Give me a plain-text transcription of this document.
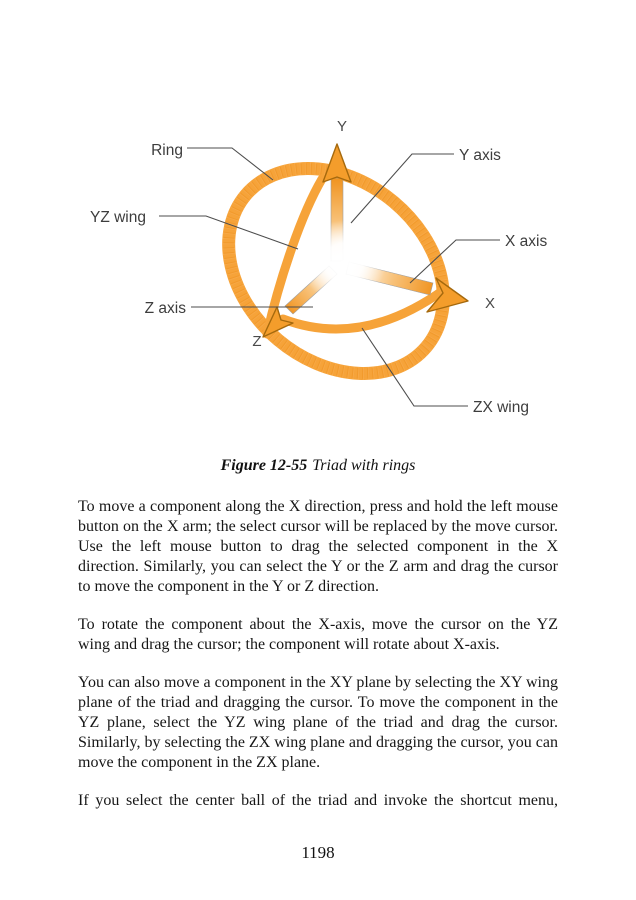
Ring
YZ wing
Z axis
Y axis
X axis
ZX wing
Y
X
Z
Figure 12-55 Triad with rings

To move a component along the X direction, press and hold the left mouse button on the X arm; the select cursor will be replaced by the move cursor. Use the left mouse button to drag the selected component in the X direction. Similarly, you can select the Y or the Z arm and drag the cursor to move the component in the Y or Z direction.

To rotate the component about the X-axis, move the cursor on the YZ wing and drag the cursor; the component will rotate about X-axis.

You can also move a component in the XY plane by selecting the XY wing plane of the triad and dragging the cursor. To move the component in the YZ plane, select the YZ wing plane of the triad and drag the cursor. Similarly, by selecting the ZX wing plane and dragging the cursor, you can move the component in the ZX plane.

If you select the center ball of the triad and invoke the shortcut menu,

1198
